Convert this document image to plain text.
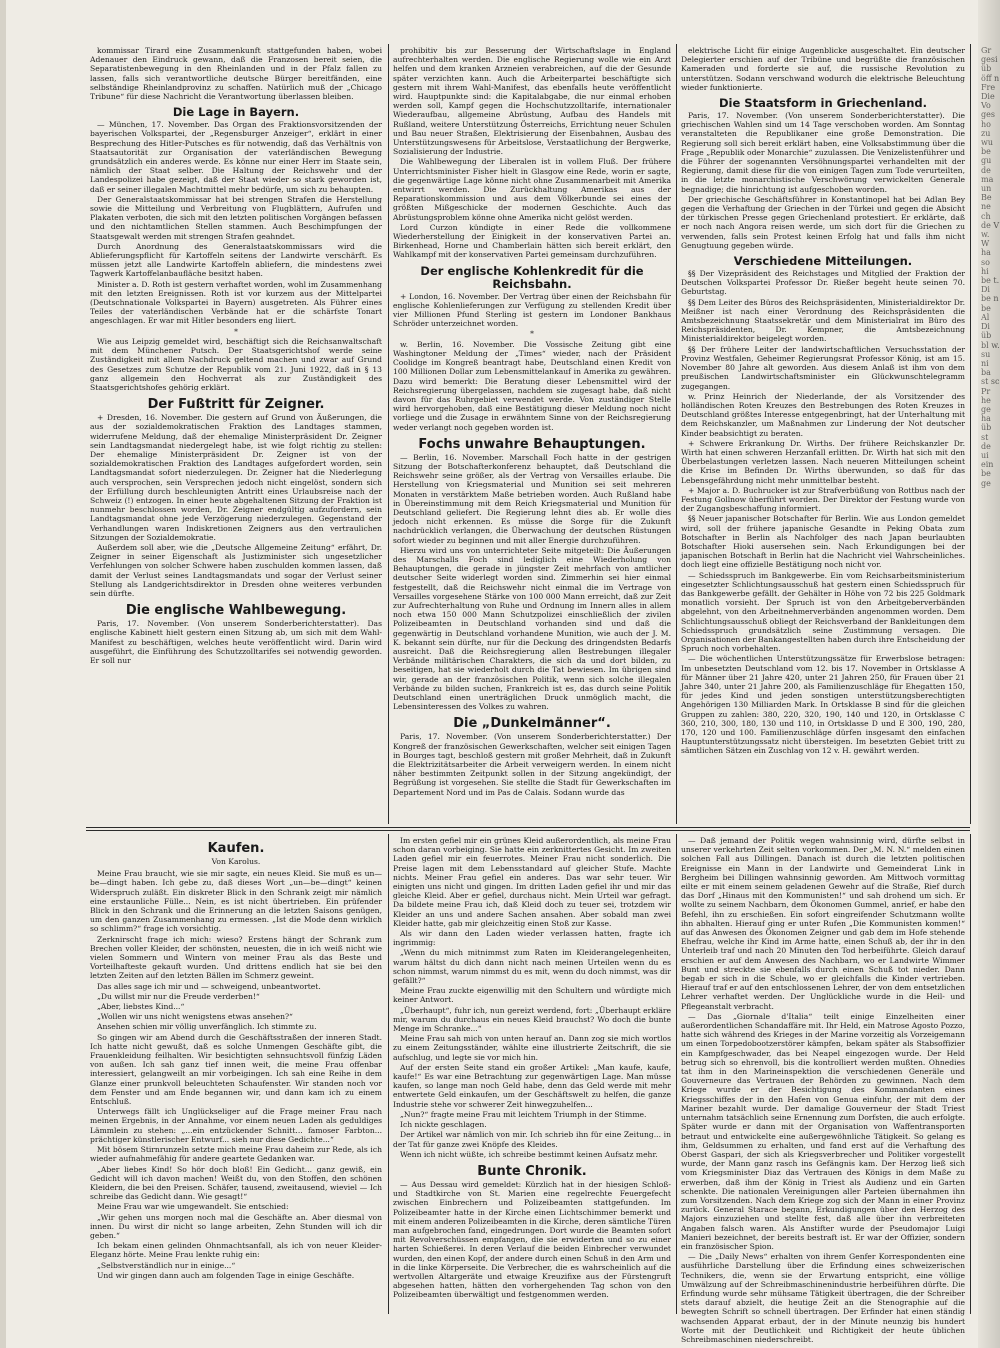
kommissar Tirard eine Zusammenkunft stattgefunden haben, wobei Adenauer den Eindruck gewann, daß die Franzosen bereit seien, die Separatistenbewegung in den Rheinlanden und in der Pfalz fallen zu lassen, falls sich verantwortliche deutsche Bürger bereitfänden, eine selbständige Rheinlandprovinz zu schaffen. Natürlich muß der „Chicago Tribune“ für diese Nachricht die Verantwortung überlassen bleiben.

Die Lage in Bayern.

— München, 17. November. Das Organ des Fraktionsvorsitzenden der bayerischen Volkspartei, der „Regensburger Anzeiger“, erklärt in einer Besprechung des Hitler-Putsches es für notwendig, daß das Verhältnis von Staatsautorität zur Organisation der vaterländischen Bewegung grundsätzlich ein anderes werde. Es könne nur einer Herr im Staate sein, nämlich der Staat selber. Die Haltung der Reichswehr und der Landespolizei habe gezeigt, daß der Staat wieder so stark geworden ist, daß er seiner illegalen Machtmittel mehr bedürfe, um sich zu behaupten.

Der Generalstaatskommissar hat bei strengen Strafen die Herstellung sowie die Mitteilung und Verbreitung von Flugblättern, Aufrufen und Plakaten verboten, die sich mit den letzten politischen Vorgängen befassen und den nichtamtlichen Stellen stammen. Auch Beschimpfungen der Staatsgewalt werden mit strengen Strafen geahndet.

Durch Anordnung des Generalstaatskommissars wird die Ablieferungspflicht für Kartoffeln seitens der Landwirte verschärft. Es müssen jetzt alle Landwirte Kartoffeln abliefern, die mindestens zwei Tagwerk Kartoffelanbaufläche besitzt haben.

Minister a. D. Roth ist gestern verhaftet worden, wohl im Zusammenhang mit den letzten Ereignissen. Roth ist vor kurzem aus der Mittelpartei (Deutschnationale Volkspartei in Bayern) ausgetreten. Als Führer eines Teiles der vaterländischen Verbände hat er die schärfste Tonart angeschlagen. Er war mit Hitler besonders eng liiert.

*

Wie aus Leipzig gemeldet wird, beschäftigt sich die Reichsanwaltschaft mit dem Münchener Putsch. Der Staatsgerichtshof werde seine Zuständigkeit mit allem Nachdruck geltend machen und zwar auf Grund des Gesetzes zum Schutze der Republik vom 21. Juni 1922, daß in § 13 ganz allgemein den Hochverrat als zur Zuständigkeit des Staatsgerichtshofes gehörig erklärt.

Der Fußtritt für Zeigner.

+ Dresden, 16. November. Die gestern auf Grund von Äußerungen, die aus der sozialdemokratischen Fraktion des Landtages stammen, widerrufene Meldung, daß der ehemalige Ministerpräsident Dr. Zeigner sein Landtagsmandat niedergelegt habe, ist wie folgt richtig zu stellen: Der ehemalige Ministerpräsident Dr. Zeigner ist von der sozialdemokratischen Fraktion des Landtages aufgefordert worden, sein Landtagsmandat sofort niederzulegen. Dr. Zeigner hat die Niederlegung auch versprochen, sein Versprechen jedoch nicht eingelöst, sondern sich der Erfüllung durch beschleunigten Antritt eines Urlaubsreise nach der Schweiz (!) entzogen. In einer heute abgehaltenen Sitzung der Fraktion ist nunmehr beschlossen worden, Dr. Zeigner endgültig aufzufordern, sein Landtagsmandat ohne jede Verzögerung niederzulegen. Gegenstand der Verhandlungen waren Indiskretionen Zeigners aus den vertraulichen Sitzungen der Sozialdemokratie.

Außerdem soll aber, wie die „Deutsche Allgemeine Zeitung“ erfährt, Dr. Zeigner in seiner Eigenschaft als Justizminister sich ungesetzlicher Verfehlungen von solcher Schwere haben zuschulden kommen lassen, daß damit der Verlust seines Landtagsmandats und sogar der Verlust seiner Stellung als Landgerichtsdirektor in Dresden ohne weiteres verbunden sein dürfte.

Die englische Wahlbewegung.

Paris, 17. November. (Von unserem Sonderberichterstatter). Das englische Kabinett hielt gestern einen Sitzung ab, um sich mit dem Wahl-Manifest zu beschäftigen, welches heute veröffentlicht wird. Darin wird ausgeführt, die Einführung des Schutzzolltarifes sei notwendig geworden. Er soll nur

prohibitiv bis zur Besserung der Wirtschaftslage in England aufrechterhalten werden. Die englische Regierung wolle wie ein Arzt helfen und dem kranken Arzneien verabreichen, auf die der Gesunde später verzichten kann. Auch die Arbeiterpartei beschäftigte sich gestern mit ihrem Wahl-Manifest, das ebenfalls heute veröffentlicht wird. Hauptpunkte sind: die Kapitalabgabe, die nur einmal erhoben werden soll, Kampf gegen die Hochschutzzolltarife, internationaler Wiederaufbau, allgemeine Abrüstung, Aufbau des Handels mit Rußland, weitere Unterstützung Österreichs, Errichtung neuer Schulen und Bau neuer Straßen, Elektrisierung der Eisenbahnen, Ausbau des Unterstützungswesens für Arbeitslose, Verstaatlichung der Bergwerke, Sozialisierung der Industrie.

Die Wahlbewegung der Liberalen ist in vollem Fluß. Der frühere Unterrichtsminister Fisher hielt in Glasgow eine Rede, worin er sagte, die gegenwärtige Lage könne nicht ohne Zusammenarbeit mit Amerika entwirrt werden. Die Zurückhaltung Amerikas aus der Reparationskommission und aus dem Völkerbunde sei eines der größten Mißgeschicke der modernen Geschichte. Auch das Abrüstungsproblem könne ohne Amerika nicht gelöst werden.

Lord Curzon kündigte in einer Rede die vollkommene Wiederherstellung der Einigkeit in der konservativen Partei an. Birkenhead, Horne und Chamberlain hätten sich bereit erklärt, den Wahlkampf mit der konservativen Partei gemeinsam durchzuführen.

Der englische Kohlenkredit für die Reichsbahn.

+ London, 16. November. Der Vertrag über einen der Reichsbahn für englische Kohlenlieferungen zur Verfügung zu stellenden Kredit über vier Millionen Pfund Sterling ist gestern im Londoner Bankhaus Schröder unterzeichnet worden.

*

w. Berlin, 16. November. Die Vossische Zeitung gibt eine Washingtoner Meldung der „Times“ wieder, nach der Präsident Coolidge im Kongreß beantragt habe, Deutschland einen Kredit von 100 Millionen Dollar zum Lebensmittelankauf in Amerika zu gewähren. Dazu wird bemerkt: Die Beratung dieser Lebensmittel wird der Reichsregierung übergelassen, nachdem sie zugesagt habe, daß nicht davon für das Ruhrgebiet verwendet werde. Von zuständiger Stelle wird hervorgehoben, daß eine Bestätigung dieser Meldung noch nicht vorliege und die Zusage in erwähntem Sinne von der Reichsregierung weder verlangt noch gegeben worden ist.

Fochs unwahre Behauptungen.

— Berlin, 16. November. Marschall Foch hatte in der gestrigen Sitzung der Botschafterkonferenz behauptet, daß Deutschland die Reichswehr seine größer, als der Vertrag von Versailles erlaube. Die Herstellung von Kriegsmaterial und Munition sei seit mehreren Monaten in verstärktem Maße betrieben worden. Auch Rußland habe in Übereinstimmung mit dem Reich Kriegsmaterial und Munition für Deutschland geliefert. Die Regierung lehnt dies ab. Er wolle dies jedoch nicht erkennen. Es müsse die Sorge für die Zukunft nachdrücklich verlangen, die Überwachung der deutschen Rüstungen sofort wieder zu beginnen und mit aller Energie durchzuführen.

Hierzu wird uns von unterrichteter Seite mitgeteilt: Die Äußerungen des Marschalls Foch sind lediglich eine Wiederholung von Behauptungen, die gerade in jüngster Zeit mehrfach von amtlicher deutscher Seite widerlegt worden sind. Zimmerhin sei hier einmal festgestellt, daß die Reichswehr nicht einmal die im Vertrage von Versailles vorgesehene Stärke von 100 000 Mann erreicht, daß zur Zeit zur Aufrechterhaltung von Ruhe und Ordnung im Innern alles in allem noch etwa 150 000 Mann Schutzpolizei einschließlich der zivilen Polizeibeamten in Deutschland vorhanden sind und daß die gegenwärtig in Deutschland vorhandene Munition, wie auch der J. M. K. bekannt sein dürfte, nur für die Deckung des dringendsten Bedarfs ausreicht. Daß die Reichsregierung allen Bestrebungen illegaler Verbände militärischen Charakters, die sich da und dort bilden, zu beseitigen, hat sie wiederholt durch die Tat bewiesen. Im übrigen sind wir, gerade an der französischen Politik, wenn sich solche illegalen Verbände zu bilden suchen, Frankreich ist es, das durch seine Politik Deutschland einen unerträglichen Druck unmöglich macht, die Lebensinteressen des Volkes zu wahren.

Die „Dunkelmänner“.

Paris, 17. November. (Von unserem Sonderberichterstatter.) Der Kongreß der französischen Gewerkschaften, welcher seit einigen Tagen in Bourges tagt, beschloß gestern mit großer Mehrheit, daß in Zukunft die Elektrizitätsarbeiter die Arbeit verweigern werden. In einem nicht näher bestimmten Zeitpunkt sollen in der Sitzung angekündigt, der Begrüßung ist vorgesehen. Sie stellte die Stadt für Gewerkschaften im Departement Nord und im Pas de Calais. Sodann wurde das

elektrische Licht für einige Augenblicke ausgeschaltet. Ein deutscher Delegierter erschien auf der Tribüne und begrüßte die französischen Kameraden und forderte sie auf, die russische Revolution zu unterstützen. Sodann verschwand wodurch die elektrische Beleuchtung wieder funktionierte.

Die Staatsform in Griechenland.

Paris, 17. November. (Von unserem Sonderberichterstatter). Die griechischen Wahlen sind um 14 Tage verschoben worden. Am Sonntag veranstalteten die Republikaner eine große Demonstration. Die Regierung soll sich bereit erklärt haben, eine Volksabstimmung über die Frage „Republik oder Monarchie“ zuzulassen. Die Venizelistenführer und die Führer der sogenannten Versöhnungspartei verhandelten mit der Regierung, damit diese für die von einigen Tagen zum Tode verurteilten, in die letzte monarchistische Verschwörung verwickelten Generale begnadige; die hinrichtung ist aufgeschoben worden.

Der griechische Geschäftsführer in Konstantinopel hat bei Adlan Bey gegen die Verhaftung der Griechen in der Türkei und gegen die Absicht der türkischen Presse gegen Griechenland protestiert. Er erklärte, daß er noch nach Angora reisen werde, um sich dort für die Griechen zu verwenden, falls sein Protest keinen Erfolg hat und falls ihm nicht Genugtuung gegeben würde.

Verschiedene Mitteilungen.

§§ Der Vizepräsident des Reichstages und Mitglied der Fraktion der Deutschen Volkspartei Professor Dr. Rießer begeht heute seinen 70. Geburtstag.

§§ Dem Leiter des Büros des Reichspräsidenten, Ministerialdirektor Dr. Meißner ist nach einer Verordnung des Reichspräsidenten die Amtsbezeichnung Staatssekretär und dem Ministerialrat im Büro des Reichspräsidenten, Dr. Kempner, die Amtsbezeichnung Ministerialdirektor beigelegt worden.

§§ Der frühere Leiter der landwirtschaftlichen Versuchsstation der Provinz Westfalen, Geheimer Regierungsrat Professor König, ist am 15. November 80 Jahre alt geworden. Aus diesem Anlaß ist ihm von dem preußischen Landwirtschaftsminister ein Glückwunschtelegramm zugegangen.

w. Prinz Heinrich der Niederlande, der als Vorsitzender des holländischen Roten Kreuzes den Bestrebungen des Roten Kreuzes in Deutschland größtes Interesse entgegenbringt, hat der Unterhaltung mit dem Reichskanzler, um Maßnahmen zur Linderung der Not deutscher Kinder beabsichtigt zu beraten.

+ Schwere Erkrankung Dr. Wirths. Der frühere Reichskanzler Dr. Wirth hat einen schweren Herzanfall erlitten. Dr. Wirth hat sich mit den Überbelastungen verletzen lassen. Nach neueren Mitteilungen scheint die Krise im Befinden Dr. Wirths überwunden, so daß für das Lebensgefährdung nicht mehr unmittelbar besteht.

+ Major a. D. Buchrucker ist zur Strafverbüßung von Rottbus nach der Festung Gollnow überführt worden. Der Direktor der Festung wurde von der Zugangsbeschaffung informiert.

§§ Neuer japanischer Botschafter für Berlin. Wie aus London gemeldet wird, soll der frühere japanische Gesandte in Peking Obata zum Botschafter in Berlin als Nachfolger des nach Japan beurlaubten Botschafter Hioki ausersehen sein. Nach Erkundigungen bei der japanischen Botschaft in Berlin hat die Nachricht viel Wahrscheinliches. doch liegt eine offizielle Bestätigung noch nicht vor.

— Schiedsspruch im Bankgewerbe. Ein vom Reichsarbeitsministerium eingesetzter Schlichtungsausschuß hat gestern einen Schiedsspruch für das Bankgewerbe gefällt. der Gehälter in Höhe von 72 bis 225 Goldmark monatlich vorsieht. Der Spruch ist von den Arbeitgeberverbänden abgelehnt, von den Arbeitnehmerverbänden angenommen worden. Dem Schlichtungsausschuß obliegt der Reichsverband der Bankleitungen dem Schiedsspruch grundsätzlich seine Zustimmung versagen. Die Organisationen der Bankangestellten haben durch ihre Entscheidung der Spruch noch vorbehalten.

— Die wöchentlichen Unterstützungssätze für Erwerbslose betragen: Im unbesetzten Deutschland vom 12. bis 17. November in Ortsklasse A für Männer über 21 Jahre 420, unter 21 Jahren 250, für Frauen über 21 Jahre 340, unter 21 Jahre 200, als Familienzuschläge für Ehegatten 150, für jedes Kind und jeden sonstigen unterstützungsberechtigten Angehörigen 130 Milliarden Mark. In Ortsklasse B sind für die gleichen Gruppen zu zahlen: 380, 220, 320, 190, 140 und 120, in Ortsklasse C 360, 210, 300, 180, 130 und 110, in Ortsklasse D und E 300, 190, 280, 170, 120 und 100. Familienzuschläge dürfen insgesamt den einfachen Hauptunterstützungssatz nicht übersteigen. Im besetzten Gebiet tritt zu sämtlichen Sätzen ein Zuschlag von 12 v. H. gewährt werden.

Kaufen.
Von Karolus.

Meine Frau braucht, wie sie mir sagte, ein neues Kleid. Sie muß es un—be—dingt haben. Ich gebe zu, daß dieses Wort „un—be—dingt“ keinen Widerspruch zuläßt. Ein diskreter Blick in den Schrank zeigt mir nämlich eine erstaunliche Fülle... Nein, es ist nicht übertrieben. Ein prüfender Blick in den Schrank und die Erinnerung an die letzten Saisons genügen, um den ganzen Zusammenhang zu ermessen. „Ist die Mode denn wirklich so schlimm?“ frage ich vorsichtig.

Zerknirscht frage ich mich: wieso? Erstens hängt der Schrank zum Brechen voller Kleider, der schönsten, neuesten, die in ich weiß nicht wie vielen Sommern und Wintern von meiner Frau als das Beste und Vorteilhafteste gekauft wurden. Und drittens endlich hat sie bei den letzten Zeiten auf den letzten Bällen im Schmerz geweint.

Das alles sage ich mir und — schweigend, unbeantwortet.

„Du willst mir nur die Freude verderben!“

„Aber, liebstes Kind...“

„Wollen wir uns nicht wenigstens etwas ansehen?“

Ansehen schien mir völlig unverfänglich. Ich stimmte zu.

So gingen wir am Abend durch die Geschäftsstraßen der inneren Stadt. Ich hatte nicht gewußt, daß es solche Unmengen Geschäfte gibt, die Frauenkleidung feilhalten. Wir besichtigten sehnsuchtsvoll fünfzig Läden von außen. Ich sah ganz tief innen weit, die meine Frau offenbar interessiert, gelangweilt an mir vorbeigingen. Ich sah eine Reihe in dem Glanze einer prunkvoll beleuchteten Schaufenster. Wir standen noch vor dem Fenster und am Ende begannen wir, und dann kam ich zu einem Entschluß.

Unterwegs fällt ich Unglückseliger auf die Frage meiner Frau nach meinen Ergebnis, in der Annahme, vor einem neuen Laden als geduldiges Lämmlein zu stehen: „...ein entzückender Schnitt... famoser Farbton... prächtiger künstlerischer Entwurf... sieh nur diese Gedichte...“

Mit bösem Stirnrunzeln setzte mich meine Frau daheim zur Rede, als ich wieder aufnahmefähig für andere geartete Gedanken war.

„Aber liebes Kind! So hör doch bloß! Ein Gedicht... ganz gewiß, ein Gedicht will ich davon machen! Weißt du, von den Stoffen, den schönen Kleidern, die bei den Preisen. Schäfer, tausend, zweitausend, wieviel — Ich schreibe das Gedicht dann. Wie gesagt!“

Meine Frau war wie umgewandelt. Sie entschied:

„Wir gehen uns morgen noch mal die Geschäfte an. Aber diesmal von innen. Du wirst dir nicht so lange arbeiten, Zehn Stunden will ich dir geben.“

Ich bekam einen gelinden Ohnmachtsanfall, als ich von neuer Kleider-Eleganz hörte. Meine Frau lenkte ruhig ein:

„Selbstverständlich nur in einige...“

Und wir gingen dann auch am folgenden Tage in einige Geschäfte.

Im ersten gefiel mir ein grünes Kleid außerordentlich, als meine Frau schon daran vorbeiging. Sie hatte ein zerknittertes Gesicht. Im zweiten Laden gefiel mir ein feuerrotes. Meiner Frau nicht sonderlich. Die Preise lagen mit dem Lebensstandard auf gleicher Stufe. Machte nichts. Meiner Frau gefiel ein anderes. Das war sehr teuer. Wir einigten uns nicht und gingen. Im dritten Laden gefiel ihr und mir das gleiche Kleid. Aber er gefiel, durchaus nicht. Mein Urteil war gefragt. Da bildete meine Frau ich, daß Kleid doch zu teuer sei, trotzdem wir Kleider an uns und andere Sachen ansahen. Aber sobald man zwei Kleider hatte, gab mir gleichzeitig einen Stoß zur Kasse.

Als wir dann den Laden wieder verlassen hatten, fragte ich ingrimmig:

„Wenn du mich mitnimmst zum Raten im Kleiderangelegenheiten, warum hältst du dich dann nicht nach meinen Urteilen wenn du es schon nimmst, warum nimmst du es mit, wenn du doch nimmst, was dir gefällt?“

Meine Frau zuckte eigenwillig mit den Schultern und würdigte mich keiner Antwort.

„Überhaupt“, fuhr ich, nun gereizt werdend, fort: „Überhaupt erkläre mir, warum du durchaus ein neues Kleid brauchst? Wo doch die bunte Menge im Schranke...“

Meine Frau sah mich von unten herauf an. Dann zog sie mich wortlos zu einem Zeitungsständer, wählte eine illustrierte Zeitschrift, die sie aufschlug, und legte sie vor mich hin.

Auf der ersten Seite stand ein großer Artikel: „Man kaufe, kaufe, kaufe!“ Es war eine Betrachtung zur gegenwärtigen Lage. Man müsse kaufen, so lange man noch Geld habe, denn das Geld werde mit mehr entwertete Geld einkaufen, um der Geschäftswelt zu helfen, die ganze Industrie stehe vor schwerer Zeit hinwegzuhelfen...

„Nun?“ fragte meine Frau mit leichtem Triumph in der Stimme.

Ich nickte geschlagen.

Der Artikel war nämlich von mir. Ich schrieb ihn für eine Zeitung... in der Tat für ganze zwei Knöpfe des Kleides.

Wenn ich nicht wüßte, ich schreibe bestimmt keinen Aufsatz mehr.

Bunte Chronik.

— Aus Dessau wird gemeldet: Kürzlich hat in der hiesigen Schloß- und Stadtkirche von St. Marien eine regelrechte Feuergefecht zwischen Einbrechern und Polizeibeamten stattgefunden. Im Polizeibeamter hatte in der Kirche einen Lichtschimmer bemerkt und mit einem anderen Polizeibeamten in die Kirche, deren sämtliche Türen man aufgebrochen fand, eingedrungen. Dort wurde die Beamten sofort mit Revolverschüssen empfangen, die sie erwiderten und so zu einer harten Schießerei. In deren Verlauf die beiden Einbrecher verwundet wurden, den einen Kopf, der andere durch einen Schuß in den Arm und in die linke Körperseite. Die Verbrecher, die es wahrscheinlich auf die wertvollen Altargeräte und etwaige Kreuzifixe aus der Fürstengruft abgesehen hatten, hätten den vorhergehenden Tag schon von den Polizeibeamten überwältigt und festgenommen werden.

— Daß jemand der Politik wegen wahnsinnig wird, dürfte selbst in unserer verkehrten Zeit selten vorkommen. Der „M. N. N.“ melden einen solchen Fall aus Dillingen. Danach ist durch die letzten politischen Ereignisse ein Mann in der Landwirte und Gemeinderat Link in Bergheim bei Dillingen wahnsinnig geworden. Am Mittwoch vormittag eilte er mit einem seinem geladenen Gewehr auf die Straße, Rief durch das Dorf „Hinaus mit den Kommunisten!“ und sah drohend um sich. Er wollte zu seinem Nachbarn, dem Ökonomen Gummel, anrief, er habe den Befehl, ihn zu erschießen. Ein sofort eingreifender Schutzmann wollte ihn abhalten. Hierauf ging er unter Rufen „Die Kommunisten kommen!“ auf das Anwesen des Ökonomen Zeigner und gab dem im Hofe stehende Ehefrau, welche ihr Kind im Arme hatte, einen Schuß ab, der ihr in den Unterleib traf und nach 20 Minuten den Tod herbeiführte. Gleich darauf erschien er auf dem Anwesen des Nachbarn, wo er Landwirte Wimmer Bunt und streckte sie ebenfalls durch einen Schuß tot nieder. Dann begab er sich in die Schule, wo er gleichfalls die Kinder vertrieben. Hierauf traf er auf den entschlossenen Lehrer, der von dem entsetzlichen Lehrer verhaftet werden. Der Unglückliche wurde in die Heil- und Pflegeanstalt verbracht.

— Das „Giornale d'Italia“ teilt einige Einzelheiten einer außerordentlichen Schandaffäre mit. Ihr Held, ein Matrose Agosto Pozzo, hatte sich während des Krieges in der Marine vorzeitig als Vorzeigemann um einen Torpedobootzerstörer kämpfen, bekam später als Stabsoffizier ein Kampfgeschwader, das bei Neapel eingezogen wurde. Der Held betrug sich so ehrenvoll, bis die kontrolliert werden mußten. Ohnedies tat ihm in den Marineinspektion die verschiedenen Generäle und Gouverneure das Vertrauen der Behörden zu gewinnen. Nach dem Kriege wurde er der Besichtigung des Kommandanten eines Kriegsschiffes der in den Hafen von Genua einfuhr, der mit dem der Mariner bezahlt wurde. Der damalige Gouverneur der Stadt Triest unternahm tatsächlich seine Ernennung zum Dorfsten, die auch erfolgte. Später wurde er dann mit der Organisation von Waffentransporten betraut und entwickelte eine außergewöhnliche Tätigkeit. So gelang es ihm, Geldsummen zu erhalten, und fand erst auf die Verhaftung des Oberst Gaspari, der sich als Kriegsverbrecher und Politiker vorgestellt wurde, der Mann ganz rasch ins Gefängnis kam. Der Herzog ließ sich vom Kriegsminister Diaz das Vertrauen des Königs in dem Maße zu erwerben, daß ihm der König in Triest als Audienz und ein Garten schenkte. Die nationalen Vereinigungen aller Parteien übernahmen ihn zum Vorsitzenden. Nach dem Kriege zog sich der Mann in einer Provinz zurück. General Starace begann, Erkundigungen über den Herzog des Majors einzuziehen und stellte fest, daß alle über ihn verbreiteten Angaben falsch waren. Als Anstifter wurde der Pseudomajor Luigi Manieri bezeichnet, der bereits bestraft ist. Er war der Offizier, sondern ein französischer Spion.

— Die „Daily News“ erhalten von ihrem Genfer Korrespondenten eine ausführliche Darstellung über die Erfindung eines schweizerischen Technikers, die, wenn sie der Erwartung entspricht, eine völlige Umwälzung auf der Schreibmaschinenindustrie herbeiführen dürfte. Die Erfindung wurde sehr mühsame Tätigkeit übertragen, die der Schreiber stets darauf abzielt, die heutige Zeit an die Stenographie auf die bewegten Schrift so schnell übertragen. Der Erfinder hat einen ständig wachsenden Apparat erbaut, der in der Minute neunzig bis hundert Worte mit der Deutlichkeit und Richtigkeit der heute üblichen Schreibmaschinen niederschreibt.

Gr gesi üb öff n Fre Die Vo ges ho zu wu be gu de ma un Be ne ch de V w. W ha so hi be t. Di be n be Al Di üb bl w. su ni ba st sc Pr he ge ha üb st de ui ein be ge
